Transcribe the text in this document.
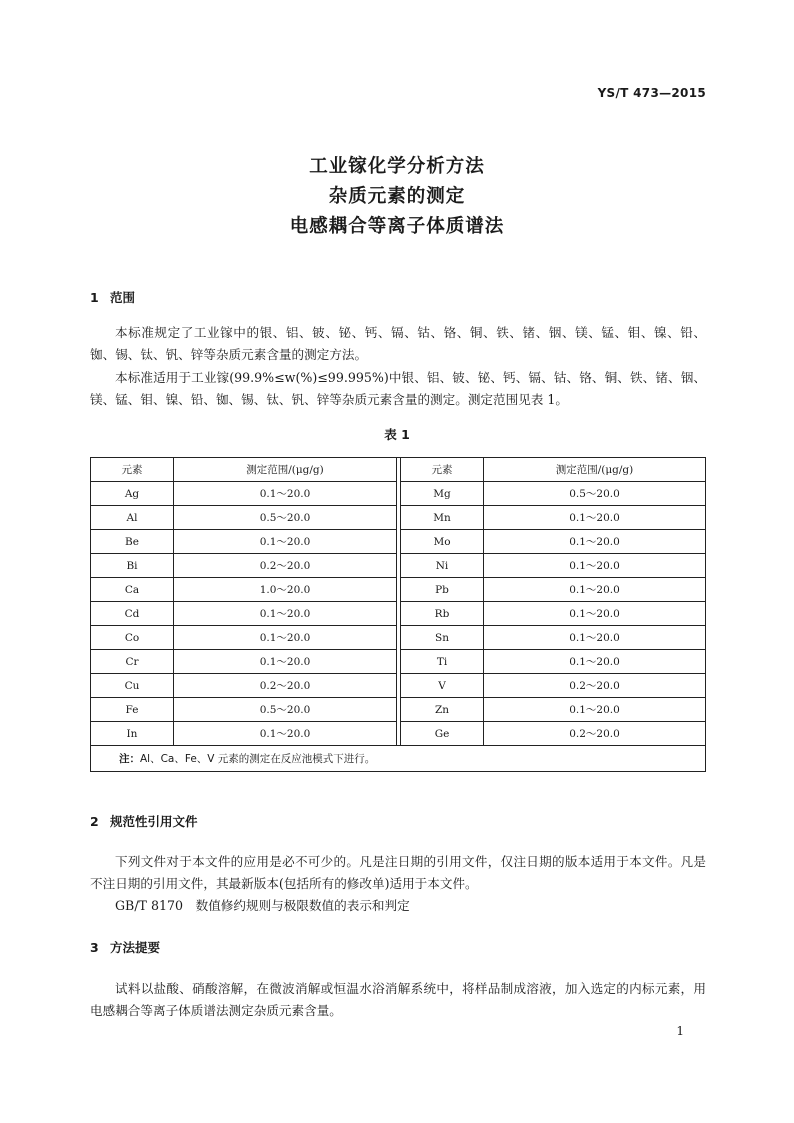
YS/T 473—2015
工业镓化学分析方法
杂质元素的测定
电感耦合等离子体质谱法
1 范围

本标准规定了工业镓中的银、铝、铍、铋、钙、镉、钴、铬、铜、铁、锗、铟、镁、锰、钼、镍、铅、铷、锡、钛、钒、锌等杂质元素含量的测定方法。

本标准适用于工业镓(99.9%≤w(%)≤99.995%)中银、铝、铍、铋、钙、镉、钴、铬、铜、铁、锗、铟、镁、锰、钼、镍、铅、铷、锡、钛、钒、锌等杂质元素含量的测定。测定范围见表 1。

表 1
元素	测定范围/(μg/g)		元素	测定范围/(μg/g)
Ag	0.1～20.0		Mg	0.5～20.0
Al	0.5～20.0		Mn	0.1～20.0
Be	0.1～20.0		Mo	0.1～20.0
Bi	0.2～20.0		Ni	0.1～20.0
Ca	1.0～20.0		Pb	0.1～20.0
Cd	0.1～20.0		Rb	0.1～20.0
Co	0.1～20.0		Sn	0.1～20.0
Cr	0.1～20.0		Ti	0.1～20.0
Cu	0.2～20.0		V	0.2～20.0
Fe	0.5～20.0		Zn	0.1～20.0
In	0.1～20.0		Ge	0.2～20.0
注：Al、Ca、Fe、V 元素的测定在反应池模式下进行。				
2 规范性引用文件

下列文件对于本文件的应用是必不可少的。凡是注日期的引用文件，仅注日期的版本适用于本文件。凡是不注日期的引用文件，其最新版本(包括所有的修改单)适用于本文件。

GB/T 8170　数值修约规则与极限数值的表示和判定
3 方法提要

试料以盐酸、硝酸溶解，在微波消解或恒温水浴消解系统中，将样品制成溶液，加入选定的内标元素，用电感耦合等离子体质谱法测定杂质元素含量。

1
